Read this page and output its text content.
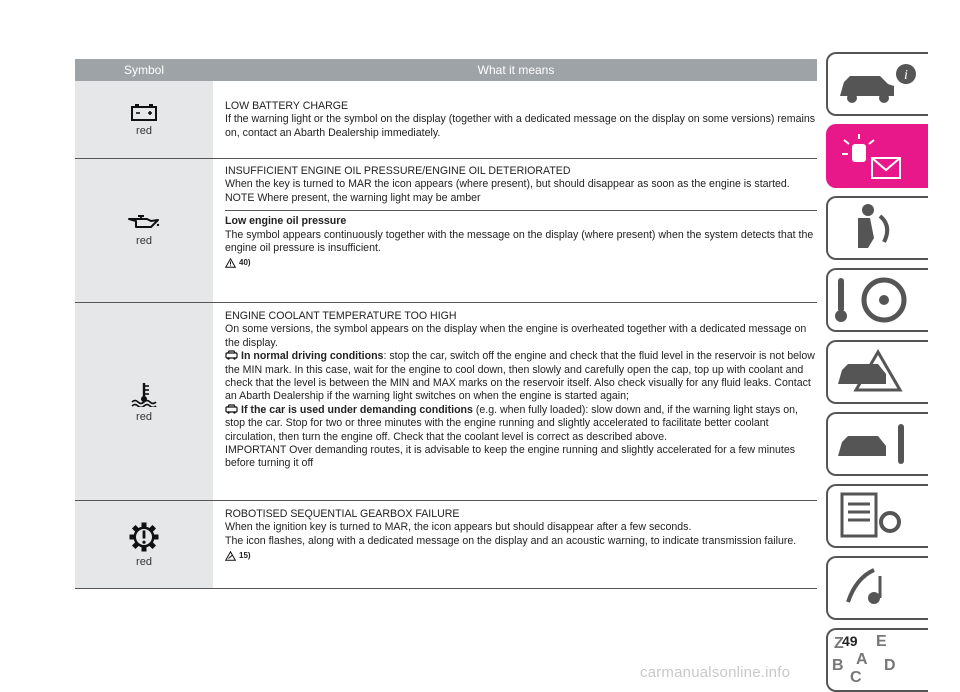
Symbol	What it means
red

LOW BATTERY CHARGE

If the warning light or the symbol on the display (together with a dedicated message on the display on some versions) remains on, contact an Abarth Dealership immediately.

red

INSUFFICIENT ENGINE OIL PRESSURE/ENGINE OIL DETERIORATED

When the key is turned to MAR the icon appears (where present), but should disappear as soon as the engine is started.

NOTE Where present, the warning light may be amber

Low engine oil pressure

The symbol appears continuously together with the message on the display (where present) when the system detects that the engine oil pressure is insufficient.

40)
red

ENGINE COOLANT TEMPERATURE TOO HIGH

On some versions, the symbol appears on the display when the engine is overheated together with a dedicated message on the display.

In normal driving conditions: stop the car, switch off the engine and check that the fluid level in the reservoir is not below the MIN mark. In this case, wait for the engine to cool down, then slowly and carefully open the cap, top up with coolant and check that the level is between the MIN and MAX marks on the reservoir itself. Also check visually for any fluid leaks. Contact an Abarth Dealership if the warning light switches on when the engine is started again;

If the car is used under demanding conditions (e.g. when fully loaded): slow down and, if the warning light stays on, stop the car. Stop for two or three minutes with the engine running and slightly accelerated to facilitate better coolant circulation, then turn the engine off. Check that the coolant level is correct as described above.

IMPORTANT Over demanding routes, it is advisable to keep the engine running and slightly accelerated for a few minutes before turning it off

red

ROBOTISED SEQUENTIAL GEARBOX FAILURE

When the ignition key is turned to MAR, the icon appears but should disappear after a few seconds.

The icon flashes, along with a dedicated message on the display and an acoustic warning, to indicate transmission failure.

15)
i
Z E
B A D
C
49
carmanualsonline.info
